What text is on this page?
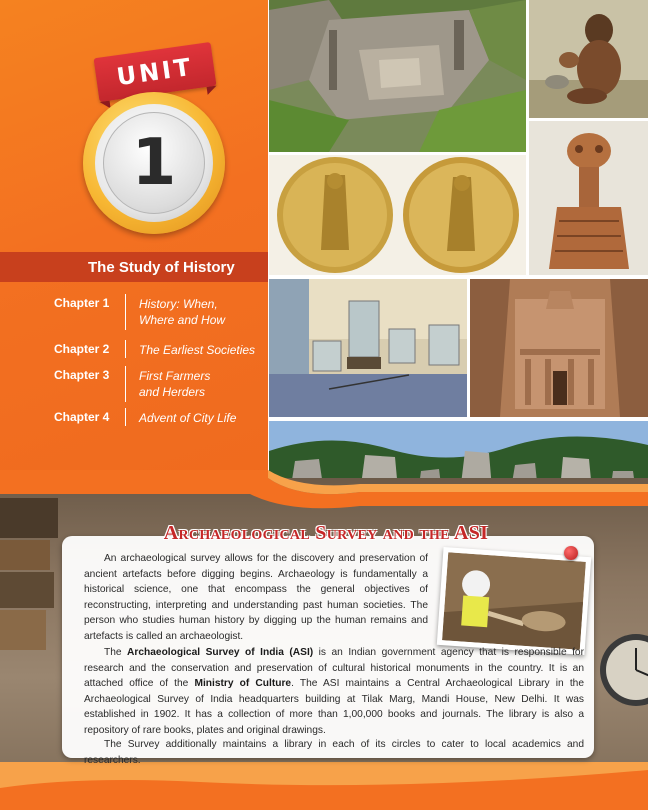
UNIT
1
The Study of History
Chapter 1 History: When,
Where and How
Chapter 2 The Earliest Societies
Chapter 3 First Farmers
and Herders
Chapter 4 Advent of City Life
Archaeological Survey and the ASI
An archaeological survey allows for the discovery and preservation of ancient artefacts before digging begins. Archaeology is fundamentally a historical science, one that encompass the general objectives of reconstructing, interpreting and understanding past human societies. The person who studies human history by digging up the human remains and artefacts is called an archaeologist.
The Archaeological Survey of India (ASI) is an Indian government agency that is responsible for research and the conservation and preservation of cultural historical monuments in the country. It is an attached office of the Ministry of Culture. The ASI maintains a Central Archaeological Library in the Archaeological Survey of India headquarters building at Tilak Marg, Mandi House, New Delhi. It was established in 1902. It has a collection of more than 1,00,000 books and journals. The library is also a repository of rare books, plates and original drawings.
The Survey additionally maintains a library in each of its circles to cater to local academics and researchers.
